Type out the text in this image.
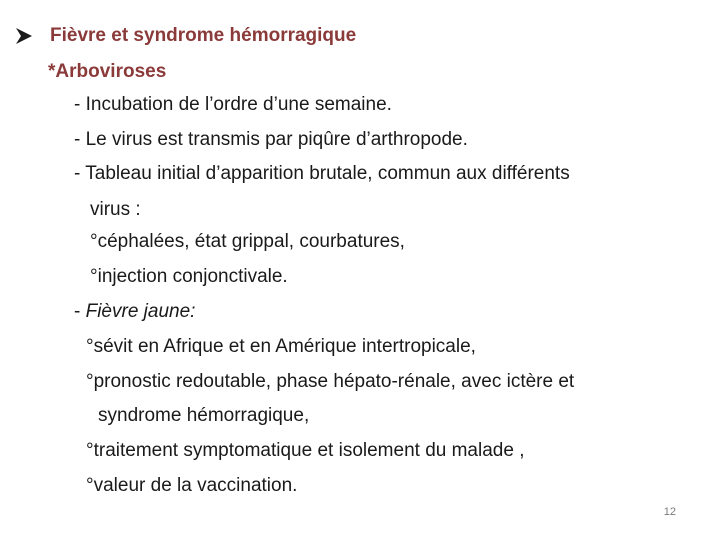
Fièvre et syndrome hémorragique
*Arboviroses
- Incubation de l’ordre d’une semaine.
- Le virus est transmis par piqûre d’arthropode.
- Tableau initial d’apparition brutale, commun aux différents
virus :
°céphalées, état grippal, courbatures,
°injection conjonctivale.
- Fièvre jaune:
°sévit en Afrique et en Amérique intertropicale,
°pronostic redoutable, phase hépato-rénale, avec ictère et
syndrome hémorragique,
°traitement symptomatique et isolement du malade ,
°valeur de la vaccination.
12
